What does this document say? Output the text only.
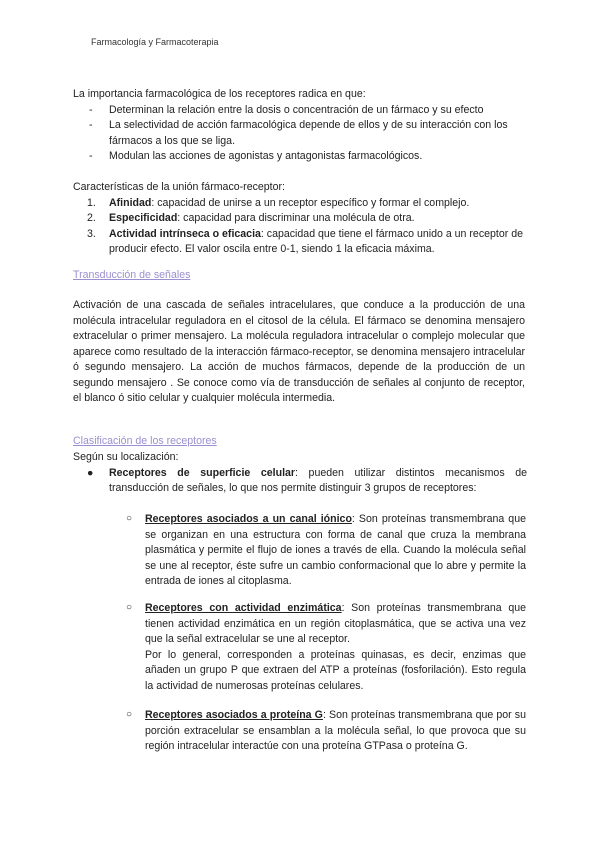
Farmacología y Farmacoterapia
La importancia farmacológica de los receptores radica en que:
- Determinan la relación entre la dosis o concentración de un fármaco y su efecto
- La selectividad de acción farmacológica depende de ellos y de su interacción con los fármacos a los que se liga.
- Modulan las acciones de agonistas y antagonistas farmacológicos.
Características de la unión fármaco-receptor:
1. Afinidad: capacidad de unirse a un receptor específico y formar el complejo.
2. Especificidad: capacidad para discriminar una molécula de otra.
3. Actividad intrínseca o eficacia: capacidad que tiene el fármaco unido a un receptor de producir efecto. El valor oscila entre 0-1, siendo 1 la eficacia máxima.
Transducción de señales
Activación de una cascada de señales intracelulares, que conduce a la producción de una molécula intracelular reguladora en el citosol de la célula. El fármaco se denomina mensajero extracelular o primer mensajero. La molécula reguladora intracelular o complejo molecular que aparece como resultado de la interacción fármaco-receptor, se denomina mensajero intracelular ó segundo mensajero. La acción de muchos fármacos, depende de la producción de un segundo mensajero . Se conoce como vía de transducción de señales al conjunto de receptor, el blanco ó sitio celular y cualquier molécula intermedia.
Clasificación de los receptores
Según su localización:
● Receptores de superficie celular: pueden utilizar distintos mecanismos de transducción de señales, lo que nos permite distinguir 3 grupos de receptores:
○ Receptores asociados a un canal iónico: Son proteínas transmembrana que se organizan en una estructura con forma de canal que cruza la membrana plasmática y permite el flujo de iones a través de ella. Cuando la molécula señal se une al receptor, éste sufre un cambio conformacional que lo abre y permite la entrada de iones al citoplasma.
○ Receptores con actividad enzimática: Son proteínas transmembrana que tienen actividad enzimática en un región citoplasmática, que se activa una vez que la señal extracelular se une al receptor.
Por lo general, corresponden a proteínas quinasas, es decir, enzimas que añaden un grupo P que extraen del ATP a proteínas (fosforilación). Esto regula la actividad de numerosas proteínas celulares.
○ Receptores asociados a proteína G: Son proteínas transmembrana que por su porción extracelular se ensamblan a la molécula señal, lo que provoca que su región intracelular interactúe con una proteína GTPasa o proteína G.
